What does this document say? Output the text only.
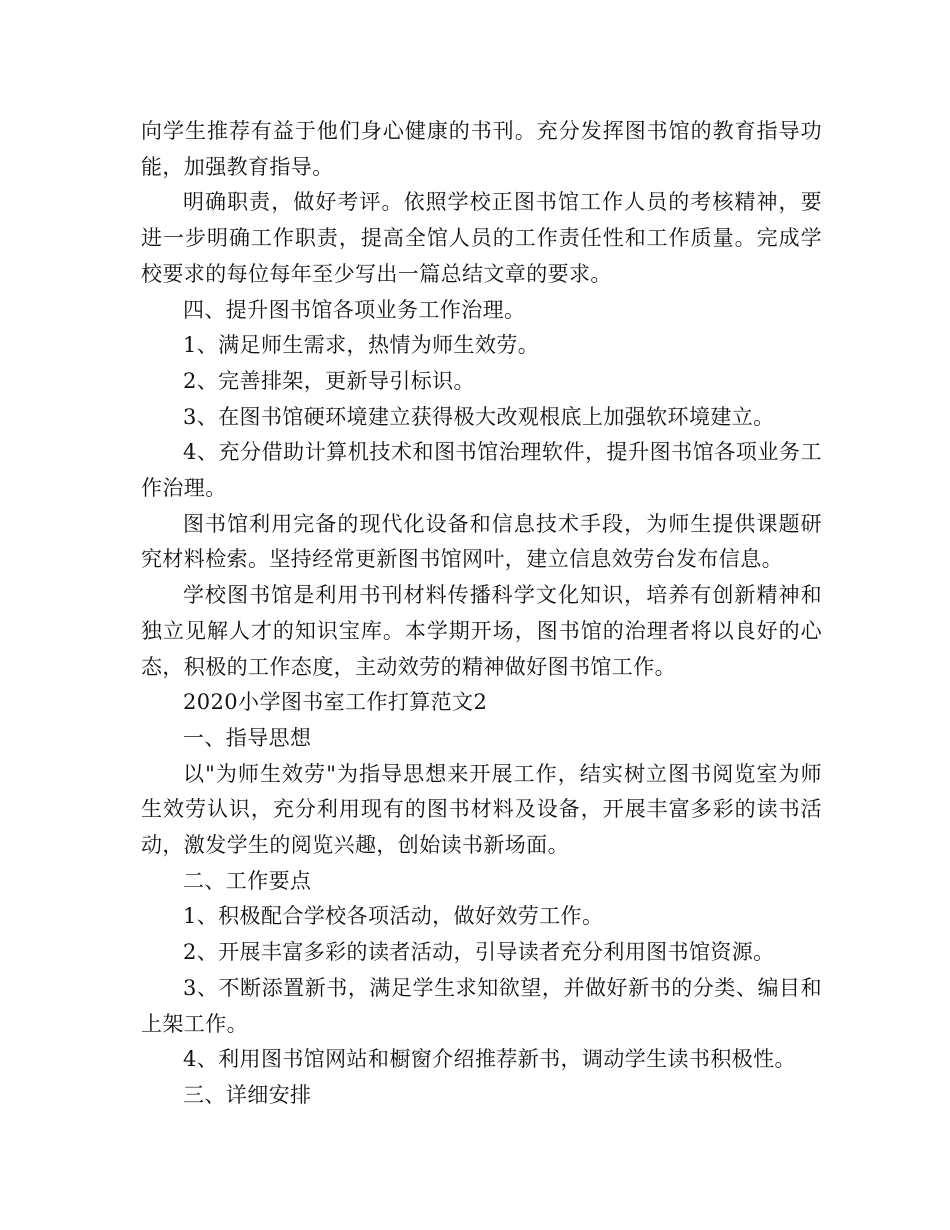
向学生推荐有益于他们身心健康的书刊。充分发挥图书馆的教育指导功能，加强教育指导。

明确职责，做好考评。依照学校正图书馆工作人员的考核精神，要进一步明确工作职责，提高全馆人员的工作责任性和工作质量。完成学校要求的每位每年至少写出一篇总结文章的要求。

四、提升图书馆各项业务工作治理。

1、满足师生需求，热情为师生效劳。

2、完善排架，更新导引标识。

3、在图书馆硬环境建立获得极大改观根底上加强软环境建立。

4、充分借助计算机技术和图书馆治理软件，提升图书馆各项业务工作治理。

图书馆利用完备的现代化设备和信息技术手段，为师生提供课题研究材料检索。坚持经常更新图书馆网叶，建立信息效劳台发布信息。

学校图书馆是利用书刊材料传播科学文化知识，培养有创新精神和独立见解人才的知识宝库。本学期开场，图书馆的治理者将以良好的心态，积极的工作态度，主动效劳的精神做好图书馆工作。

2020小学图书室工作打算范文2

一、指导思想

以"为师生效劳"为指导思想来开展工作，结实树立图书阅览室为师生效劳认识，充分利用现有的图书材料及设备，开展丰富多彩的读书活动，激发学生的阅览兴趣，创始读书新场面。

二、工作要点

1、积极配合学校各项活动，做好效劳工作。

2、开展丰富多彩的读者活动，引导读者充分利用图书馆资源。

3、不断添置新书，满足学生求知欲望，并做好新书的分类、编目和上架工作。

4、利用图书馆网站和橱窗介绍推荐新书，调动学生读书积极性。

三、详细安排
